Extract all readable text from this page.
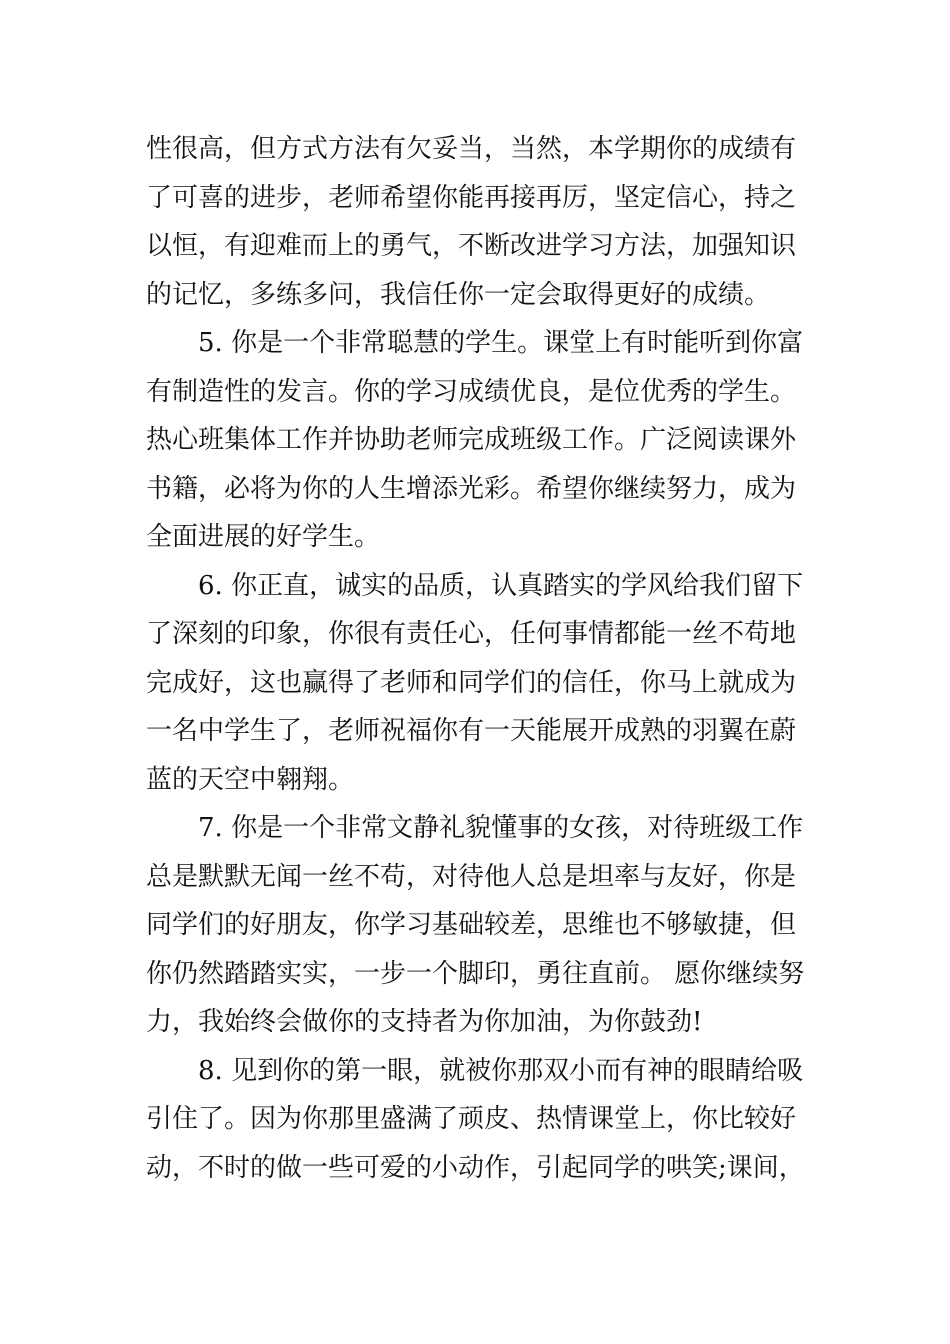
性很高，但方式方法有欠妥当，当然，本学期你的成绩有
了可喜的进步，老师希望你能再接再厉，坚定信心，持之
以恒，有迎难而上的勇气，不断改进学习方法，加强知识
的记忆，多练多问，我信任你一定会取得更好的成绩。
5. 你是一个非常聪慧的学生。课堂上有时能听到你富
有制造性的发言。你的学习成绩优良，是位优秀的学生。
热心班集体工作并协助老师完成班级工作。广泛阅读课外
书籍，必将为你的人生增添光彩。希望你继续努力，成为
全面进展的好学生。
6. 你正直，诚实的品质，认真踏实的学风给我们留下
了深刻的印象，你很有责任心，任何事情都能一丝不苟地
完成好，这也赢得了老师和同学们的信任，你马上就成为
一名中学生了，老师祝福你有一天能展开成熟的羽翼在蔚
蓝的天空中翱翔。
7. 你是一个非常文静礼貌懂事的女孩，对待班级工作
总是默默无闻一丝不苟，对待他人总是坦率与友好，你是
同学们的好朋友，你学习基础较差，思维也不够敏捷，但
你仍然踏踏实实，一步一个脚印，勇往直前。 愿你继续努
力，我始终会做你的支持者为你加油，为你鼓劲!
8. 见到你的第一眼，就被你那双小而有神的眼睛给吸
引住了。因为你那里盛满了顽皮、热情课堂上，你比较好
动，不时的做一些可爱的小动作，引起同学的哄笑;课间，
